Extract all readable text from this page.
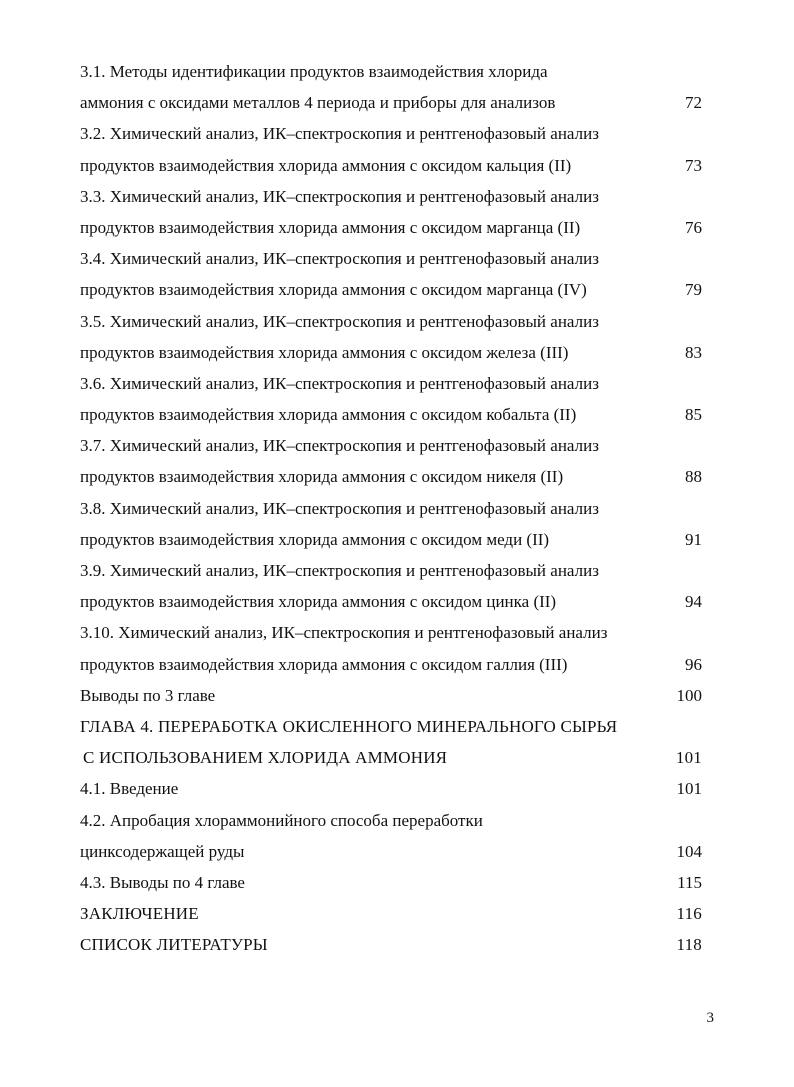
3.1. Методы идентификации продуктов взаимодействия хлорида
аммония с оксидами металлов 4 периода и приборы для анализов	72
3.2. Химический анализ, ИК–спектроскопия и рентгенофазовый анализ
продуктов взаимодействия хлорида аммония с оксидом кальция (II)	73
3.3. Химический анализ, ИК–спектроскопия и рентгенофазовый анализ
продуктов взаимодействия хлорида аммония с оксидом марганца (II)	76
3.4. Химический анализ, ИК–спектроскопия и рентгенофазовый анализ
продуктов взаимодействия хлорида аммония с оксидом марганца (IV)	79
3.5. Химический анализ, ИК–спектроскопия и рентгенофазовый анализ
продуктов взаимодействия хлорида аммония с оксидом железа (III)	83
3.6. Химический анализ, ИК–спектроскопия и рентгенофазовый анализ
продуктов взаимодействия хлорида аммония с оксидом кобальта (II)	85
3.7. Химический анализ, ИК–спектроскопия и рентгенофазовый анализ
продуктов взаимодействия хлорида аммония с оксидом никеля (II)	88
3.8. Химический анализ, ИК–спектроскопия и рентгенофазовый анализ
продуктов взаимодействия хлорида аммония с оксидом меди (II)	91
3.9. Химический анализ, ИК–спектроскопия и рентгенофазовый анализ
продуктов взаимодействия хлорида аммония с оксидом цинка (II)	94
3.10. Химический анализ, ИК–спектроскопия и рентгенофазовый анализ
продуктов взаимодействия хлорида аммония с оксидом галлия (III)	96
Выводы по 3 главе	100
ГЛАВА 4. ПЕРЕРАБОТКА ОКИСЛЕННОГО МИНЕРАЛЬНОГО СЫРЬЯ
С ИСПОЛЬЗОВАНИЕМ ХЛОРИДА АММОНИЯ	101
4.1. Введение	101
4.2. Апробация хлораммонийного способа переработки
цинксодержащей руды	104
4.3. Выводы по 4 главе	115
ЗАКЛЮЧЕНИЕ	116
СПИСОК ЛИТЕРАТУРЫ	118
3
